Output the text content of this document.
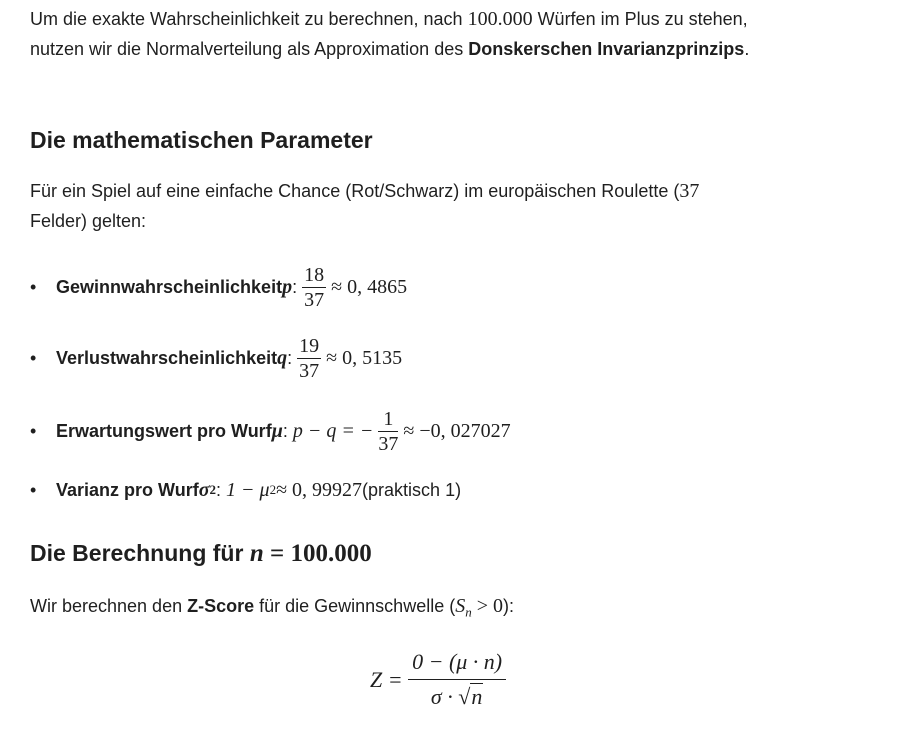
Um die exakte Wahrscheinlichkeit zu berechnen, nach 100.000 Würfen im Plus zu stehen,
nutzen wir die Normalverteilung als Approximation des Donskerschen Invarianzprinzips.

Die mathematischen Parameter

Für ein Spiel auf eine einfache Chance (Rot/Schwarz) im europäischen Roulette (37
Felder) gelten:

•	Gewinnwahrscheinlichkeit p :
$\frac{18}{37}$
≈ 0, 4865
•	Verlustwahrscheinlichkeit q :
$\frac{19}{37}$
≈ 0, 5135
•	Erwartungswert pro Wurf μ :
p − q = −
$\frac{1}{37}$
≈ −0, 027027
•	Varianz pro Wurf σ 2 :
1 − μ 2 ≈ 0, 99927 (praktisch 1)
Die Berechnung für n = 100.000

Wir berechnen den Z-Score für die Gewinnschwelle $(S_n > 0)$:

Z =
$\frac{0 - (\mu \cdot n)}{\sigma \cdot √n}$
